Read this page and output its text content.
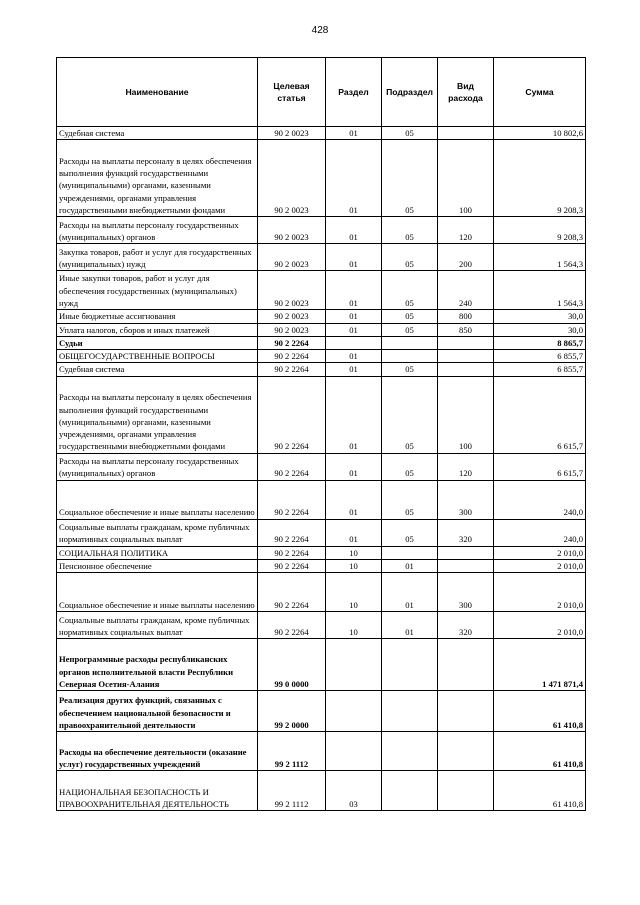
428
Наименование	Целевая статья	Раздел	Подраздел	Вид расхода	Сумма
Судебная система	90 2 0023	01	05		10 802,6
Расходы на выплаты персоналу в целях обеспечения выполнения функций государственными (муниципальными) органами, казенными учреждениями, органами управления государственными внебюджетными фондами	90 2 0023	01	05	100	9 208,3
Расходы на выплаты персоналу государственных (муниципальных) органов	90 2 0023	01	05	120	9 208,3
Закупка товаров, работ и услуг для государственных (муниципальных) нужд	90 2 0023	01	05	200	1 564,3
Иные закупки товаров, работ и услуг для обеспечения государственных (муниципальных) нужд	90 2 0023	01	05	240	1 564,3
Иные бюджетные ассигнования	90 2 0023	01	05	800	30,0
Уплата налогов, сборов и иных платежей	90 2 0023	01	05	850	30,0
Судьи	90 2 2264				8 865,7
ОБЩЕГОСУДАРСТВЕННЫЕ ВОПРОСЫ	90 2 2264	01			6 855,7
Судебная система	90 2 2264	01	05		6 855,7
Расходы на выплаты персоналу в целях обеспечения выполнения функций государственными (муниципальными) органами, казенными учреждениями, органами управления государственными внебюджетными фондами	90 2 2264	01	05	100	6 615,7
Расходы на выплаты персоналу государственных (муниципальных) органов	90 2 2264	01	05	120	6 615,7
Социальное обеспечение и иные выплаты населению	90 2 2264	01	05	300	240,0
Социальные выплаты гражданам, кроме публичных нормативных социальных выплат	90 2 2264	01	05	320	240,0
СОЦИАЛЬНАЯ ПОЛИТИКА	90 2 2264	10			2 010,0
Пенсионное обеспечение	90 2 2264	10	01		2 010,0
Социальное обеспечение и иные выплаты населению	90 2 2264	10	01	300	2 010,0
Социальные выплаты гражданам, кроме публичных нормативных социальных выплат	90 2 2264	10	01	320	2 010,0
Непрограммные расходы республиканских органов исполнительной власти Республики Северная Осетия-Алания	99 0 0000				1 471 871,4
Реализация других функций, связанных с обеспечением национальной безопасности и правоохранительной деятельности	99 2 0000				61 410,8
Расходы на обеспечение деятельности (оказание услуг) государственных учреждений	99 2 1112				61 410,8
НАЦИОНАЛЬНАЯ БЕЗОПАСНОСТЬ И ПРАВООХРАНИТЕЛЬНАЯ ДЕЯТЕЛЬНОСТЬ	99 2 1112	03			61 410,8
